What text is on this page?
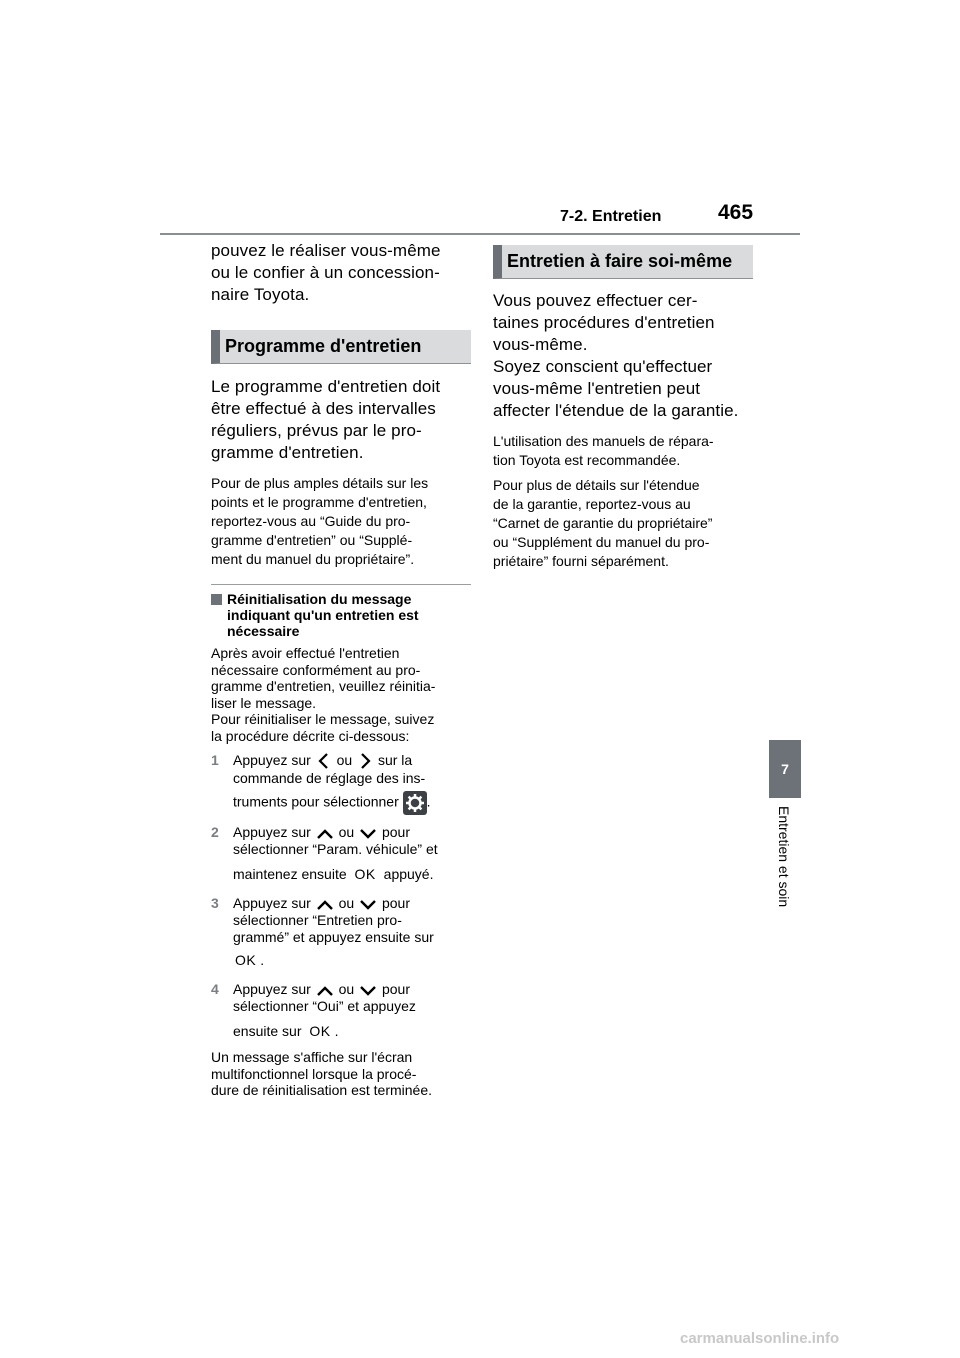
7-2. Entretien	465
7
Entretien et soin
pouvez le réaliser vous-même
ou le confier à un concession-
naire Toyota.
Programme d'entretien
Le programme d'entretien doit
être effectué à des intervalles
réguliers, prévus par le pro-
gramme d'entretien.
Pour de plus amples détails sur les
points et le programme d'entretien,
reportez-vous au “Guide du pro-
gramme d'entretien” ou “Supplé-
ment du manuel du propriétaire”.
Réinitialisation du message
indiquant qu'un entretien est
nécessaire
Après avoir effectué l'entretien
nécessaire conformément au pro-
gramme d'entretien, veuillez réinitia-
liser le message.
Pour réinitialiser le message, suivez
la procédure décrite ci-dessous:
1	Appuyez sur ou sur la
commande de réglage des ins-
truments pour sélectionner .
2	Appuyez sur ou pour
sélectionner “Param. véhicule” et
maintenez ensuite OK appuyé.
3	Appuyez sur ou pour
sélectionner “Entretien pro-
grammé” et appuyez ensuite sur
OK .
4	Appuyez sur ou pour
sélectionner “Oui” et appuyez
ensuite sur OK .
Un message s'affiche sur l'écran
multifonctionnel lorsque la procé-
dure de réinitialisation est terminée.
Entretien à faire soi-même
Vous pouvez effectuer cer-
taines procédures d'entretien
vous-même.
Soyez conscient qu'effectuer
vous-même l'entretien peut
affecter l'étendue de la garantie.
L'utilisation des manuels de répara-
tion Toyota est recommandée.
Pour plus de détails sur l'étendue
de la garantie, reportez-vous au
“Carnet de garantie du propriétaire”
ou “Supplément du manuel du pro-
priétaire” fourni séparément.
carmanualsonline.info
